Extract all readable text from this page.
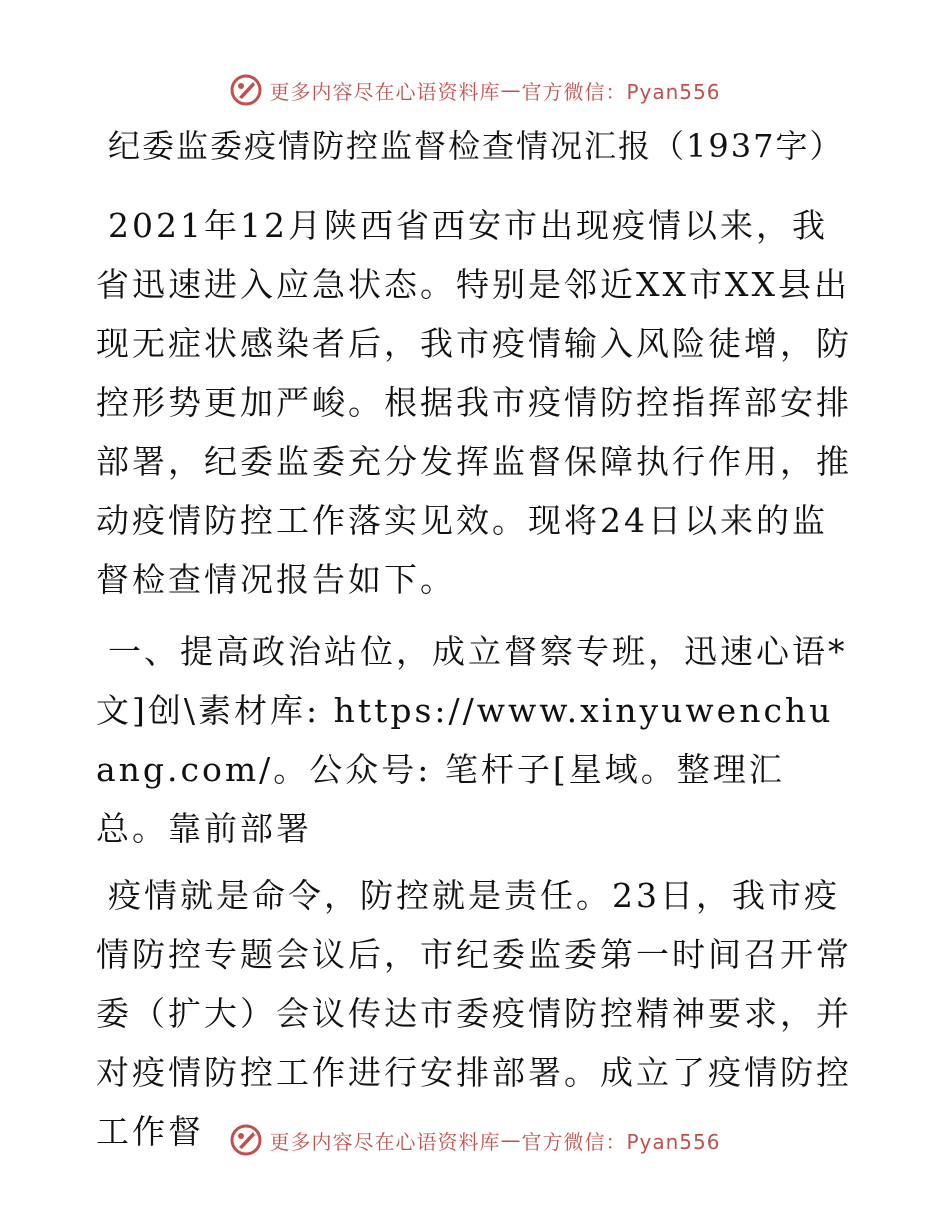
更多内容尽在心语资料库 — 官方微信：Pyan556
纪委监委疫情防控监督检查情况汇报（1937字）

2021年12月陕西省西安市出现疫情以来，我省迅速进入应急状态。特别是邻近XX市XX县出现无症状感染者后，我市疫情输入风险徒增，防控形势更加严峻。根据我市疫情防控指挥部安排部署，纪委监委充分发挥监督保障执行作用，推动疫情防控工作落实见效。现将24日以来的监督检查情况报告如下。

一、提高政治站位，成立督察专班，迅速心语*文]创\素材库: https://www.xinyuwenchuang.com/。公众号: 笔杆子[星域。整理汇总。靠前部署

疫情就是命令，防控就是责任。23日，我市疫情防控专题会议后，市纪委监委第一时间召开常委（扩大）会议传达市委疫情防控精神要求，并对疫情防控工作进行安排部署。成立了疫情防控工作督	更多内容尽在心语资料库 — 官方微信：Pyan556
